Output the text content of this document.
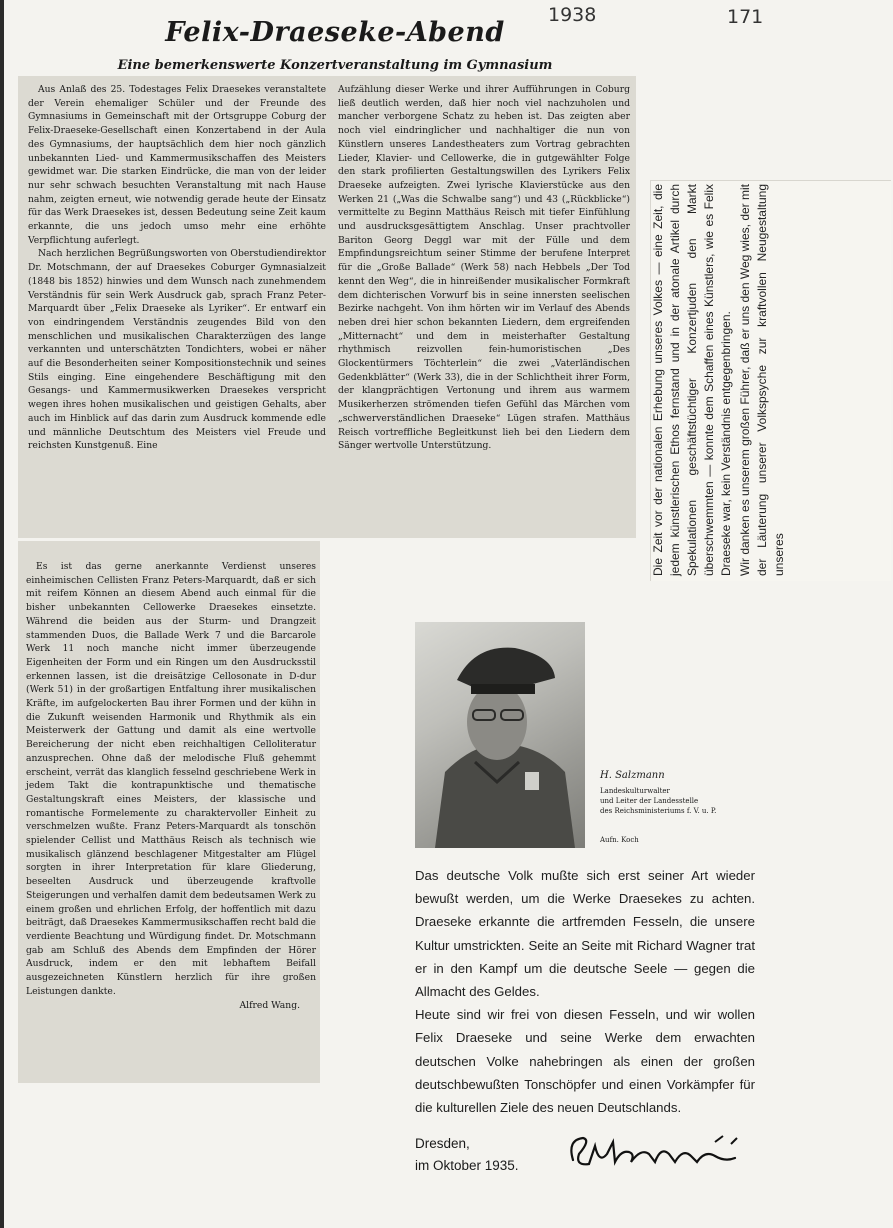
1938	171
Felix-Draeseke-Abend
Eine bemerkenswerte Konzertveranstaltung im Gymnasium

Aus Anlaß des 25. Todestages Felix Draesekes veranstaltete der Verein ehemaliger Schüler und der Freunde des Gymnasiums in Gemeinschaft mit der Ortsgruppe Coburg der Felix-Draeseke-Gesellschaft einen Konzertabend in der Aula des Gymnasiums, der hauptsächlich dem hier noch gänzlich unbekannten Lied- und Kammermusikschaffen des Meisters gewidmet war. Die starken Eindrücke, die man von der leider nur sehr schwach besuchten Veranstaltung mit nach Hause nahm, zeigten erneut, wie notwendig gerade heute der Einsatz für das Werk Draesekes ist, dessen Bedeutung seine Zeit kaum erkannte, die uns jedoch umso mehr eine erhöhte Verpflichtung auferlegt.

Nach herzlichen Begrüßungsworten von Oberstudiendirektor Dr. Motschmann, der auf Draesekes Coburger Gymnasialzeit (1848 bis 1852) hinwies und dem Wunsch nach zunehmendem Verständnis für sein Werk Ausdruck gab, sprach Franz Peter-Marquardt über „Felix Draeseke als Lyriker“. Er entwarf ein von eindringendem Verständnis zeugendes Bild von den menschlichen und musikalischen Charakterzügen des lange verkannten und unterschätzten Tondichters, wobei er näher auf die Besonderheiten seiner Kompositionstechnik und seines Stils einging. Eine eingehendere Beschäftigung mit den Gesangs- und Kammermusikwerken Draesekes verspricht wegen ihres hohen musikalischen und geistigen Gehalts, aber auch im Hinblick auf das darin zum Ausdruck kommende edle und männliche Deutschtum des Meisters viel Freude und reichsten Kunstgenuß. Eine

Aufzählung dieser Werke und ihrer Aufführungen in Coburg ließ deutlich werden, daß hier noch viel nachzuholen und mancher verborgene Schatz zu heben ist. Das zeigten aber noch viel eindringlicher und nachhaltiger die nun von Künstlern unseres Landestheaters zum Vortrag gebrachten Lieder, Klavier- und Cellowerke, die in gutgewählter Folge den stark profilierten Gestaltungswillen des Lyrikers Felix Draeseke aufzeigten. Zwei lyrische Klavierstücke aus den Werken 21 („Was die Schwalbe sang“) und 43 („Rückblicke“) vermittelte zu Beginn Matthäus Reisch mit tiefer Einfühlung und ausdrucksgesättigtem Anschlag. Unser prachtvoller Bariton Georg Deggl war mit der Fülle und dem Empfindungsreichtum seiner Stimme der berufene Interpret für die „Große Ballade“ (Werk 58) nach Hebbels „Der Tod kennt den Weg“, die in hinreißender musikalischer Formkraft dem dichterischen Vorwurf bis in seine innersten seelischen Bezirke nachgeht. Von ihm hörten wir im Verlauf des Abends neben drei hier schon bekannten Liedern, dem ergreifenden „Mitternacht“ und dem in meisterhafter Gestaltung rhythmisch reizvollen fein-humoristischen „Des Glockentürmers Töchterlein“ die zwei „Vaterländischen Gedenkblätter“ (Werk 33), die in der Schlichtheit ihrer Form, der klangprächtigen Vertonung und ihrem aus warmem Musikerherzen strömenden tiefen Gefühl das Märchen vom „schwerverständlichen Draeseke“ Lügen strafen. Matthäus Reisch vortreffliche Begleitkunst lieh bei den Liedern dem Sänger wertvolle Unterstützung.

Es ist das gerne anerkannte Verdienst unseres einheimischen Cellisten Franz Peters-Marquardt, daß er sich mit reifem Können an diesem Abend auch einmal für die bisher unbekannten Cellowerke Draesekes einsetzte. Während die beiden aus der Sturm- und Drangzeit stammenden Duos, die Ballade Werk 7 und die Barcarole Werk 11 noch manche nicht immer überzeugende Eigenheiten der Form und ein Ringen um den Ausdrucksstil erkennen lassen, ist die dreisätzige Cellosonate in D-dur (Werk 51) in der großartigen Entfaltung ihrer musikalischen Kräfte, im aufgelockerten Bau ihrer Formen und der kühn in die Zukunft weisenden Harmonik und Rhythmik als ein Meisterwerk der Gattung und damit als eine wertvolle Bereicherung der nicht eben reichhaltigen Celloliteratur anzusprechen. Ohne daß der melodische Fluß gehemmt erscheint, verrät das klanglich fesselnd geschriebene Werk in jedem Takt die kontrapunktische und thematische Gestaltungskraft eines Meisters, der klassische und romantische Formelemente zu charaktervoller Einheit zu verschmelzen wußte. Franz Peters-Marquardt als tonschön spielender Cellist und Matthäus Reisch als technisch wie musikalisch glänzend beschlagener Mitgestalter am Flügel sorgten in ihrer Interpretation für klare Gliederung, beseelten Ausdruck und überzeugende kraftvolle Steigerungen und verhalfen damit dem bedeutsamen Werk zu einem großen und ehrlichen Erfolg, der hoffentlich mit dazu beiträgt, daß Draesekes Kammermusikschaffen recht bald die verdiente Beachtung und Würdigung findet. Dr. Motschmann gab am Schluß des Abends dem Empfinden der Hörer Ausdruck, indem er den mit lebhaftem Beifall ausgezeichneten Künstlern herzlich für ihre großen Leistungen dankte.

Alfred Wang.

Die Zeit vor der nationalen Erhebung unseres Volkes — eine Zeit, die jedem künstlerischen Ethos fernstand und in der atonale Artikel durch Spekulationen geschäftstüchtiger Konzertjuden den Markt überschwemmten — konnte dem Schaffen eines Künstlers, wie es Felix Draeseke war, kein Verständnis entgegenbringen. Wir danken es unserem großen Führer, daß er uns den Weg wies, der mit der Läuterung unserer Volkspsyche zur kraftvollen Neugestaltung unseres

H. Salzmann
Landeskulturwalter
und Leiter der Landesstelle
des Reichsministeriums f. V. u. P.
Aufn. Koch

Das deutsche Volk mußte sich erst seiner Art wieder bewußt werden, um die Werke Draesekes zu achten. Draeseke erkannte die artfremden Fesseln, die unsere Kultur umstrickten. Seite an Seite mit Richard Wagner trat er in den Kampf um die deutsche Seele — gegen die Allmacht des Geldes.

Heute sind wir frei von diesen Fesseln, und wir wollen Felix Draeseke und seine Werke dem erwachten deutschen Volke nahebringen als einen der großen deutschbewußten Tonschöpfer und einen Vorkämpfer für die kulturellen Ziele des neuen Deutschlands.

Dresden,
im Oktober 1935.
